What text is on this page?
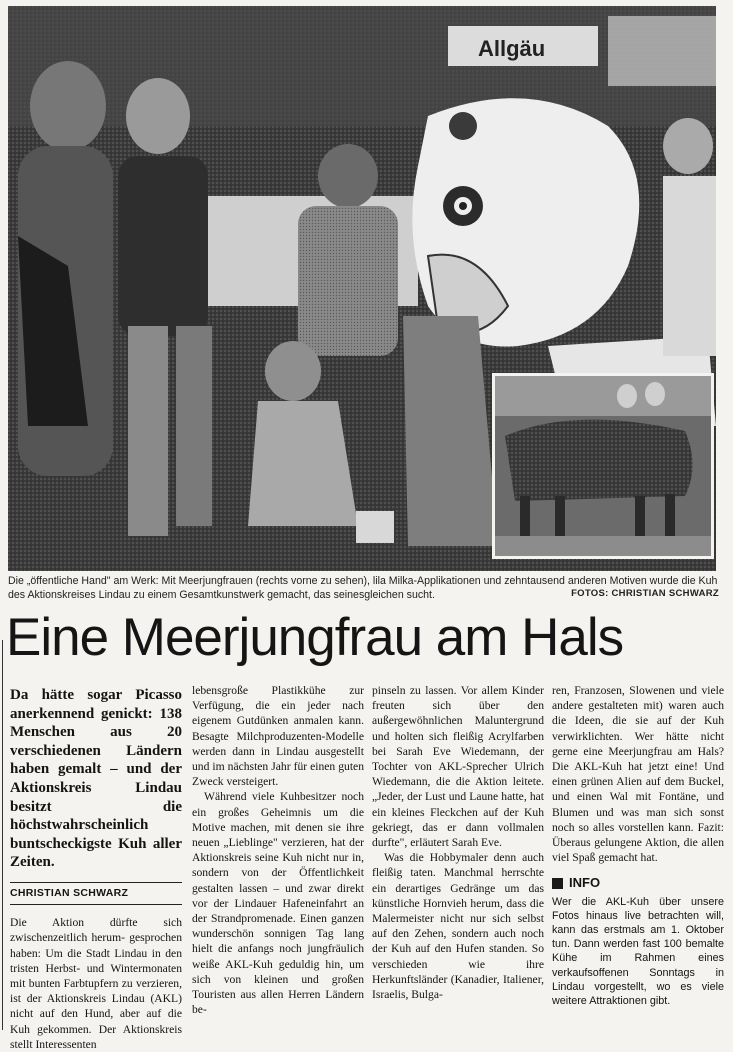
Allgäu
Die „öffentliche Hand" am Werk: Mit Meerjungfrauen (rechts vorne zu sehen), lila Milka-Applikationen und zehntausend anderen Motiven wurde die Kuh des Aktionskreises Lindau zu einem Gesamtkunstwerk gemacht, das seinesgleichen sucht.	FOTOS: CHRISTIAN SCHWARZ
Eine Meerjungfrau am Hals

Da hätte sogar Picasso anerkennend genickt: 138 Menschen aus 20 verschiedenen Ländern haben gemalt – und der Aktionskreis Lindau besitzt die höchstwahrscheinlich buntscheckigste Kuh aller Zeiten.

CHRISTIAN SCHWARZ

Die Aktion dürfte sich zwischenzeitlich herum- gesprochen haben: Um die Stadt Lindau in den tristen Herbst- und Wintermonaten mit bunten Farbtupfern zu verzieren, ist der Aktionskreis Lindau (AKL) nicht auf den Hund, aber auf die Kuh gekommen. Der Aktionskreis stellt Interessenten

lebensgroße Plastikkühe zur Verfügung, die ein jeder nach eigenem Gutdünken anmalen kann. Besagte Milchproduzenten-Modelle werden dann in Lindau ausgestellt und im nächsten Jahr für einen guten Zweck versteigert.

Während viele Kuhbesitzer noch ein großes Geheimnis um die Motive machen, mit denen sie ihre neuen „Lieblinge" verzieren, hat der Aktionskreis seine Kuh nicht nur in, sondern von der Öffentlichkeit gestalten lassen – und zwar direkt vor der Lindauer Hafeneinfahrt an der Strandpromenade. Einen ganzen wunderschön sonnigen Tag lang hielt die anfangs noch jungfräulich weiße AKL-Kuh geduldig hin, um sich von kleinen und großen Touristen aus allen Herren Ländern be-

pinseln zu lassen. Vor allem Kinder freuten sich über den außergewöhnlichen Maluntergrund und holten sich fleißig Acrylfarben bei Sarah Eve Wiedemann, der Tochter von AKL-Sprecher Ulrich Wiedemann, die die Aktion leitete. „Jeder, der Lust und Laune hatte, hat ein kleines Fleckchen auf der Kuh gekriegt, das er dann vollmalen durfte", erläutert Sarah Eve.

Was die Hobbymaler denn auch fleißig taten. Manchmal herrschte ein derartiges Gedränge um das künstliche Hornvieh herum, dass die Malermeister nicht nur sich selbst auf den Zehen, sondern auch noch der Kuh auf den Hufen standen. So verschieden wie ihre Herkunftsländer (Kanadier, Italiener, Israelis, Bulga-

ren, Franzosen, Slowenen und viele andere gestalteten mit) waren auch die Ideen, die sie auf der Kuh verwirklichten. Wer hätte nicht gerne eine Meerjungfrau am Hals? Die AKL-Kuh hat jetzt eine! Und einen grünen Alien auf dem Buckel, und einen Wal mit Fontäne, und Blumen und was man sich sonst noch so alles vorstellen kann. Fazit: Überaus gelungene Aktion, die allen viel Spaß gemacht hat.

INFO
Wer die AKL-Kuh über unsere Fotos hinaus live betrachten will, kann das erstmals am 1. Oktober tun. Dann werden fast 100 bemalte Kühe im Rahmen eines verkaufsoffenen Sonntags in Lindau vorgestellt, wo es viele weitere Attraktionen gibt.
